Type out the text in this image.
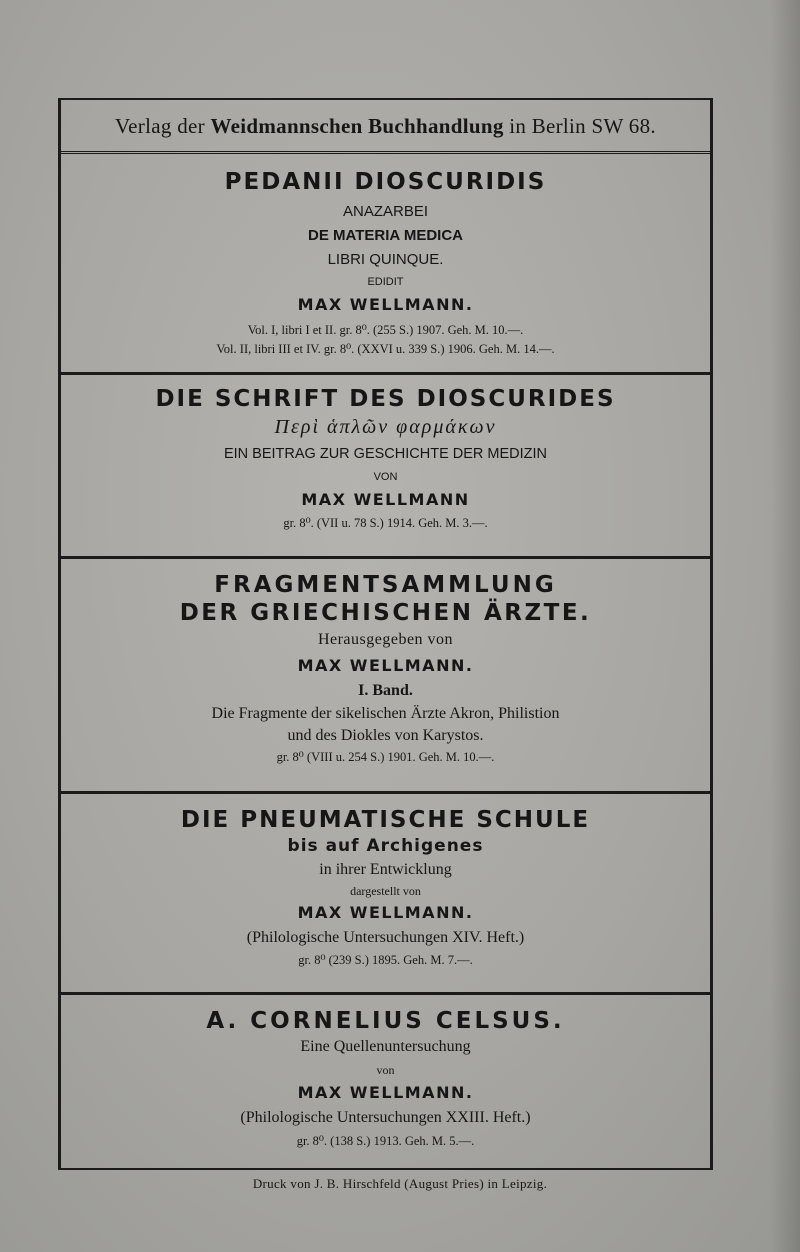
Verlag der Weidmannschen Buchhandlung in Berlin SW 68.
PEDANII DIOSCURIDIS
ANAZARBEI
DE MATERIA MEDICA
LIBRI QUINQUE.
EDIDIT
MAX WELLMANN.
Vol. I, libri I et II. gr. 8⁰. (255 S.) 1907. Geh. M. 10.—.
Vol. II, libri III et IV. gr. 8⁰. (XXVI u. 339 S.) 1906. Geh. M. 14.—.
DIE SCHRIFT DES DIOSCURIDES
Περὶ ἁπλῶν φαρμάκων
EIN BEITRAG ZUR GESCHICHTE DER MEDIZIN
VON
MAX WELLMANN
gr. 8⁰. (VII u. 78 S.) 1914. Geh. M. 3.—.
FRAGMENTSAMMLUNG
DER GRIECHISCHEN ÄRZTE.
Herausgegeben von
MAX WELLMANN.
I. Band.
Die Fragmente der sikelischen Ärzte Akron, Philistion
und des Diokles von Karystos.
gr. 8⁰ (VIII u. 254 S.) 1901. Geh. M. 10.—.
DIE PNEUMATISCHE SCHULE
bis auf Archigenes
in ihrer Entwicklung
dargestellt von
MAX WELLMANN.
(Philologische Untersuchungen XIV. Heft.)
gr. 8⁰ (239 S.) 1895. Geh. M. 7.—.
A. CORNELIUS CELSUS.
Eine Quellenuntersuchung
von
MAX WELLMANN.
(Philologische Untersuchungen XXIII. Heft.)
gr. 8⁰. (138 S.) 1913. Geh. M. 5.—.
Druck von J. B. Hirschfeld (August Pries) in Leipzig.
